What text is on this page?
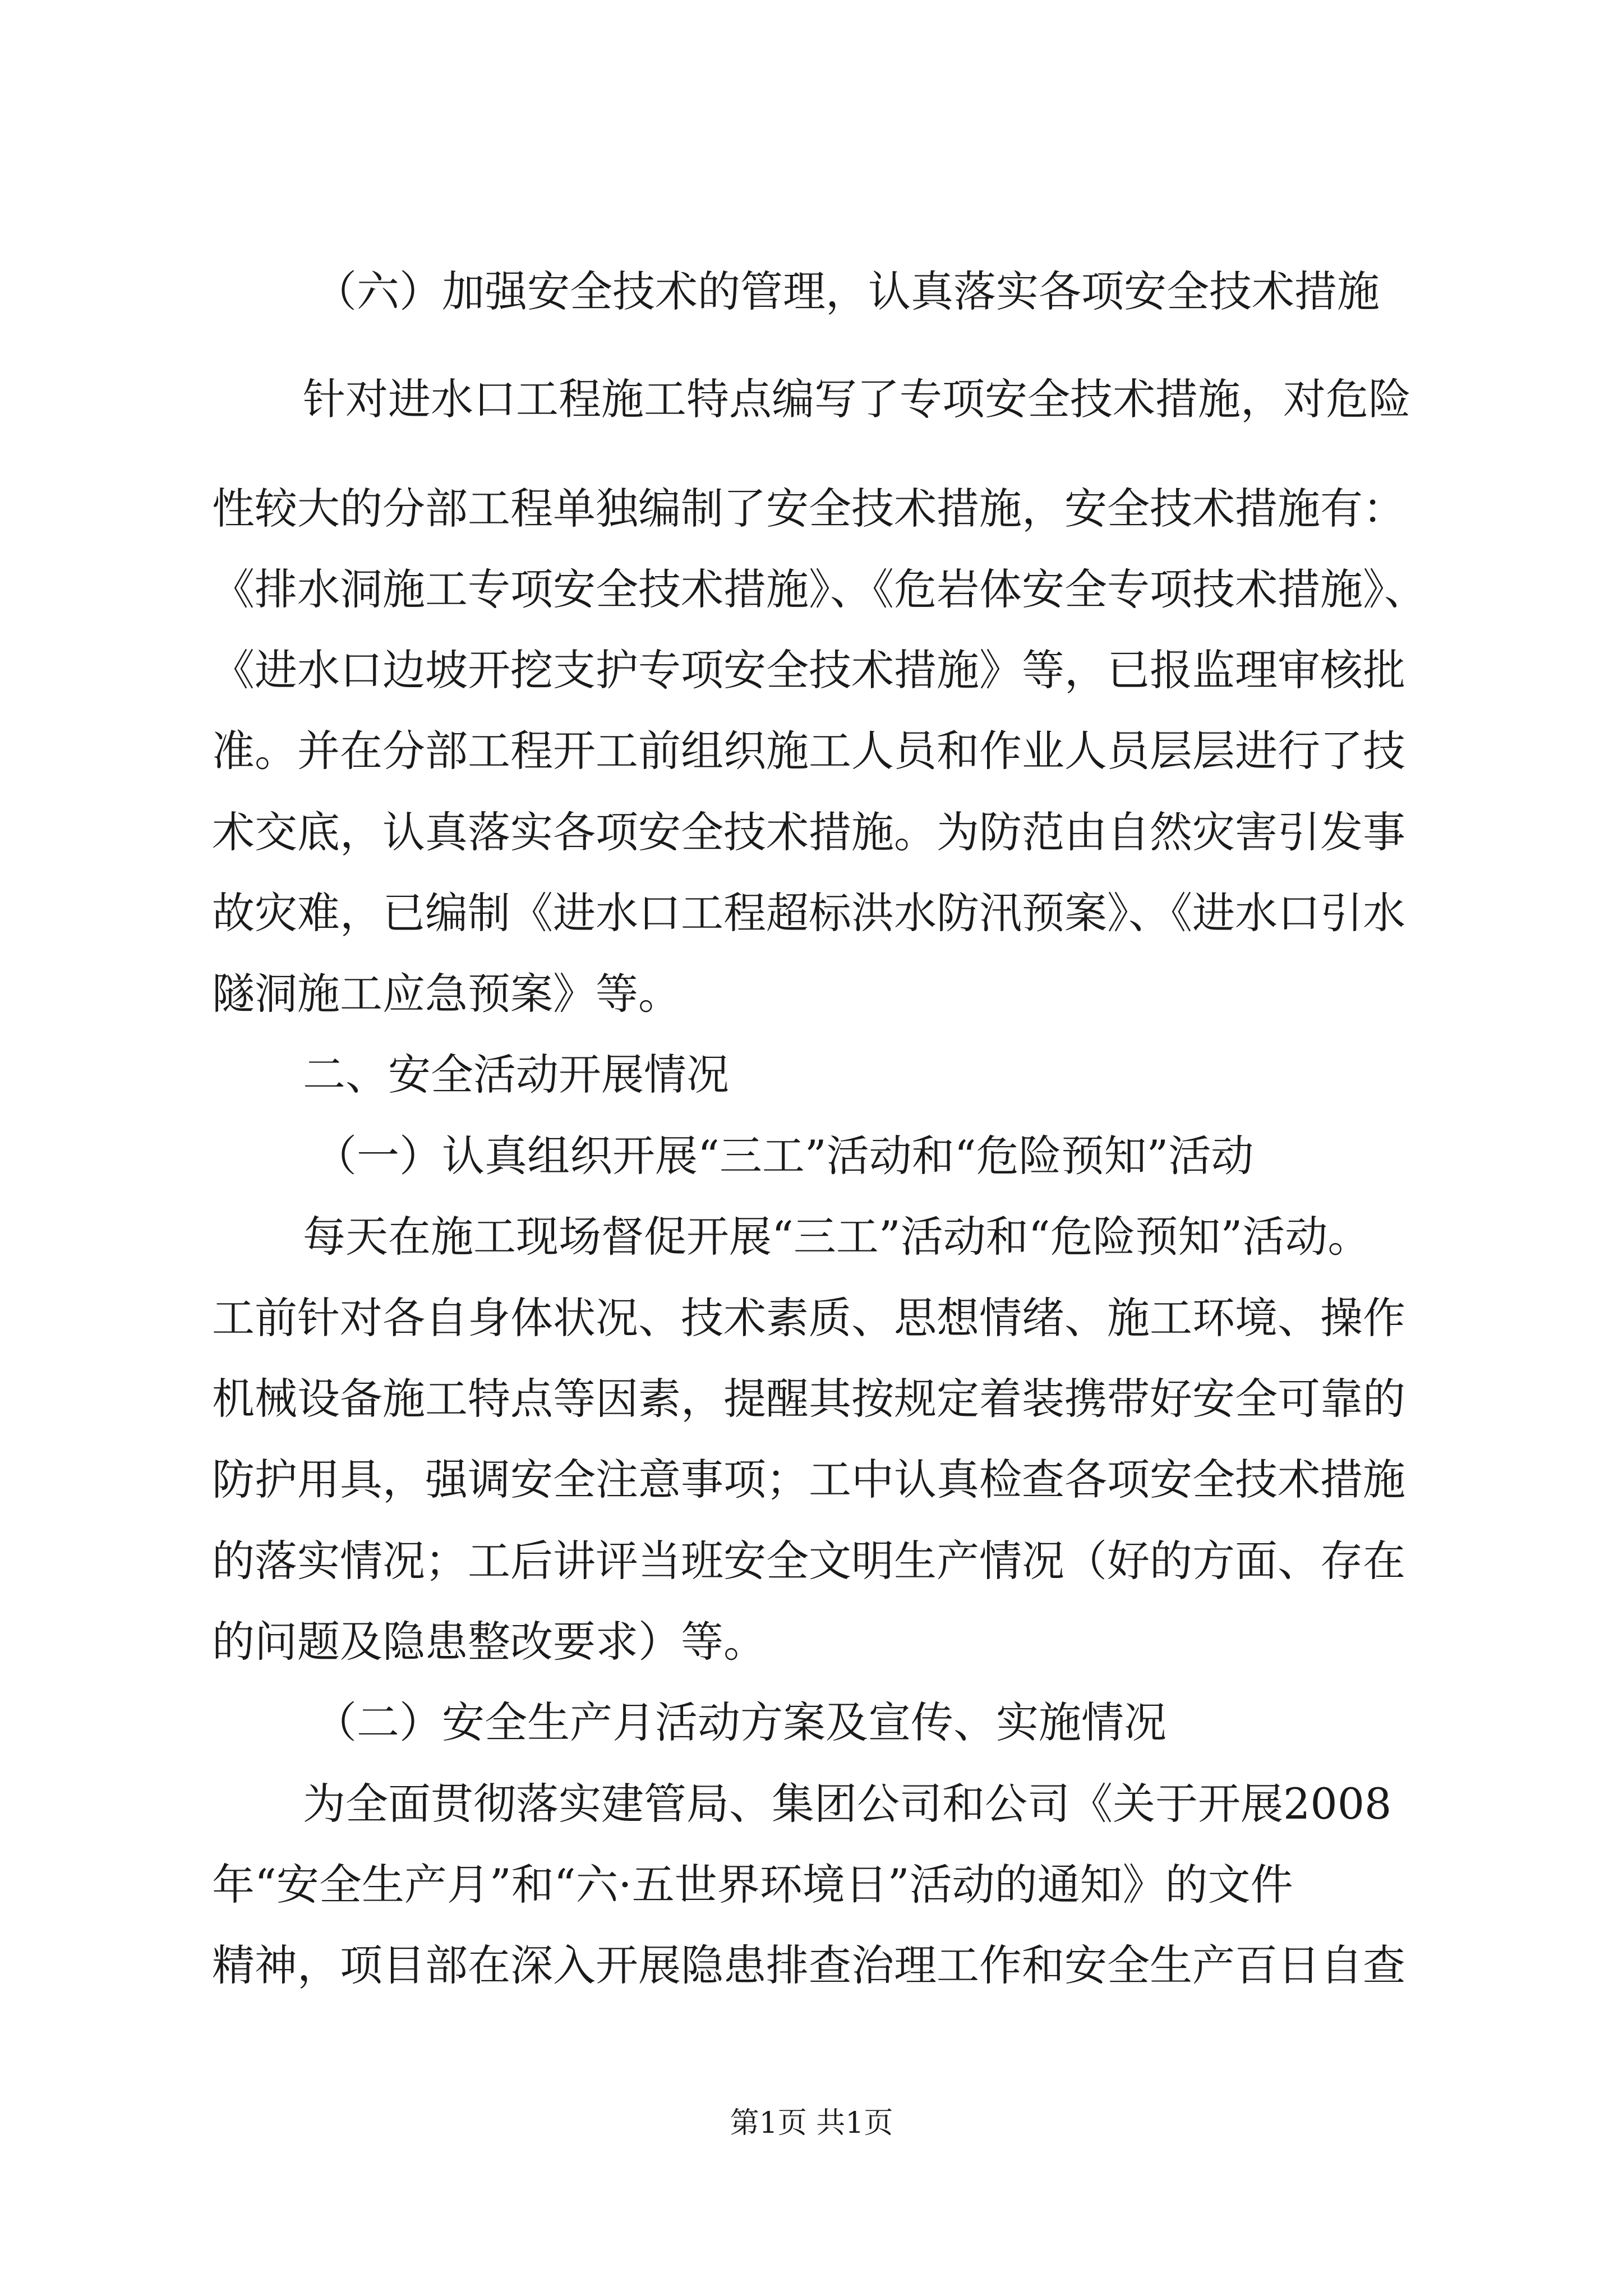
（六）加强安全技术的管理，认真落实各项安全技术措施
针对进水口工程施工特点编写了专项安全技术措施，对危险
性较大的分部工程单独编制了安全技术措施，安全技术措施有：
《排水洞施工专项安全技术措施》、《危岩体安全专项技术措施》、
《进水口边坡开挖支护专项安全技术措施》等，已报监理审核批
准。并在分部工程开工前组织施工人员和作业人员层层进行了技
术交底，认真落实各项安全技术措施。为防范由自然灾害引发事
故灾难，已编制《进水口工程超标洪水防汛预案》、《进水口引水
隧洞施工应急预案》等。
二、安全活动开展情况
（一）认真组织开展“三工”活动和“危险预知”活动
每天在施工现场督促开展“三工”活动和“危险预知”活动。
工前针对各自身体状况、技术素质、思想情绪、施工环境、操作
机械设备施工特点等因素，提醒其按规定着装携带好安全可靠的
防护用具，强调安全注意事项；工中认真检查各项安全技术措施
的落实情况；工后讲评当班安全文明生产情况（好的方面、存在
的问题及隐患整改要求）等。
（二）安全生产月活动方案及宣传、实施情况
为全面贯彻落实建管局、集团公司和公司《关于开展2008
年“安全生产月”和“六·五世界环境日”活动的通知》的文件
精神，项目部在深入开展隐患排查治理工作和安全生产百日自查
第1页 共1页
